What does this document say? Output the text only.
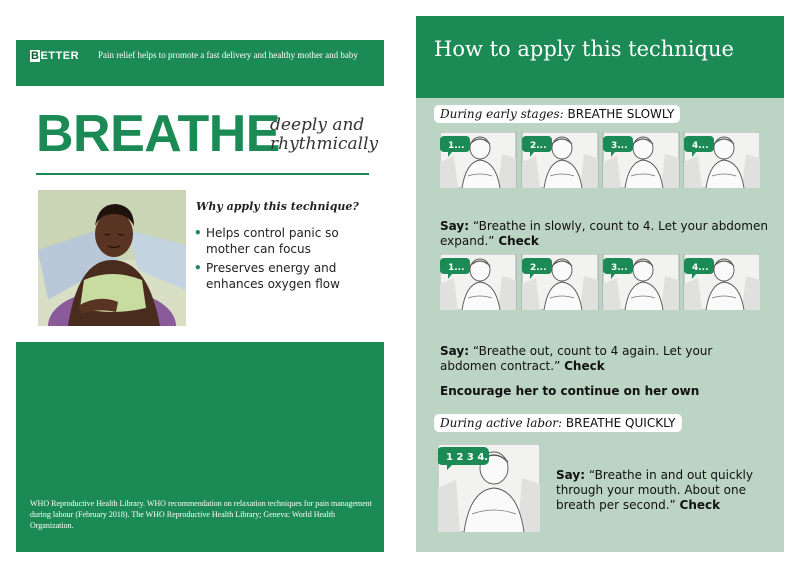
BETTER Pain relief helps to promote a fast delivery and healthy mother and baby
BREATHE
deeply and
rhythmically
Why apply this technique?
• Helps control panic so
mother can focus
• Preserves energy and
enhances oxygen flow
WHO Reproductive Health Library. WHO recommendation on relaxation techniques for pain management during labour (February 2018). The WHO Reproductive Health Library; Geneva: World Health Organization.
How to apply this technique
During early stages: BREATHE SLOWLY
1...	2...	3...	4...
Say: “Breathe in slowly, count to 4. Let your abdomen expand.” Check
1...	2...	3...	4...
Say: “Breathe out, count to 4 again. Let your abdomen contract.” Check
Encourage her to continue on her own
During active labor: BREATHE QUICKLY
1 2 3 4...
Say: “Breathe in and out quickly through your mouth. About one breath per second.” Check
